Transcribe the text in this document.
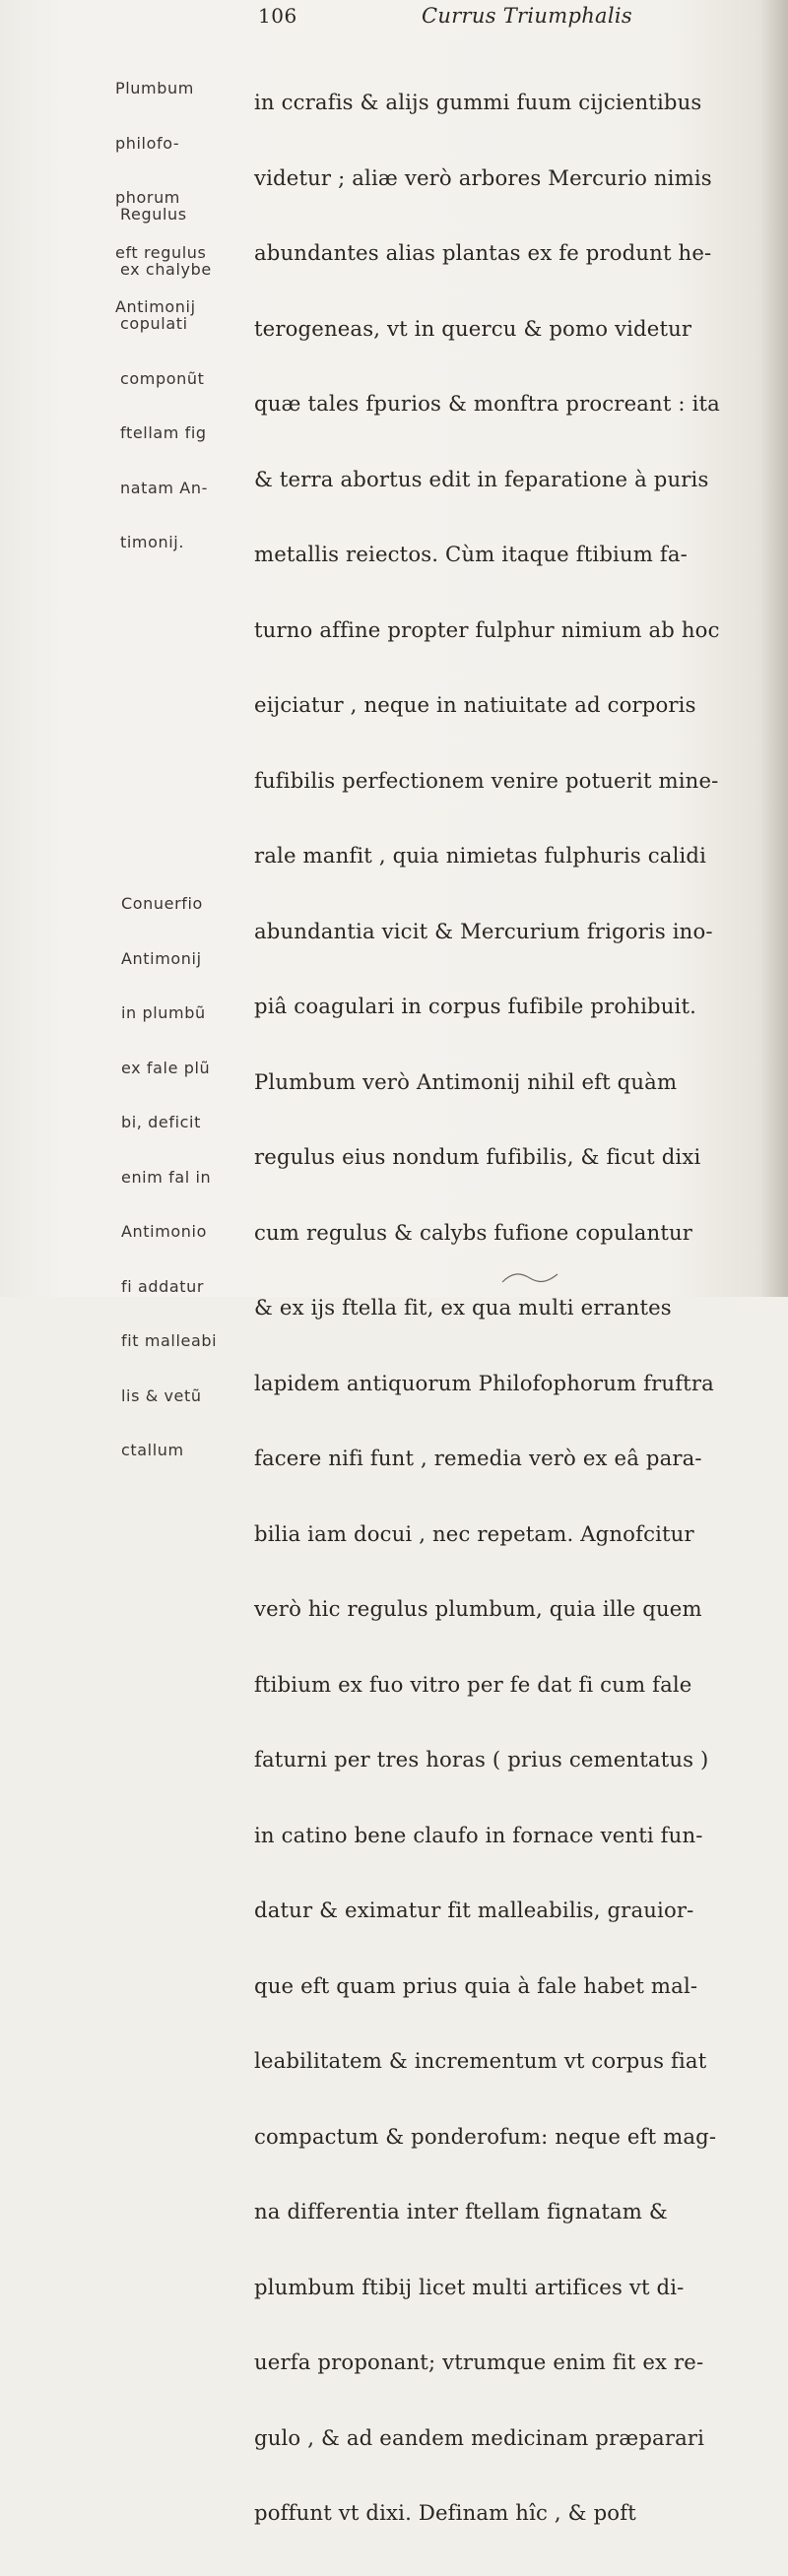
106	Currus Triumphalis

Plumbum

philofo-

phorum

eft regulus

Antimonij

Regulus

ex chalybe

copulati

componũt

ftellam fig

natam An-

timonij.

Conuerfio

Antimonij

in plumbũ

ex fale plũ

bi, deficit

enim fal in

Antimonio

fi addatur

fit malleabi

lis & vetũ

ctallum

in ccrafis & alijs gummi fuum cijcientibus

videtur ; aliæ verò arbores Mercurio nimis

abundantes alias plantas ex fe produnt he-

terogeneas, vt in quercu & pomo videtur

quæ tales fpurios & monftra procreant : ita

& terra abortus edit in feparatione à puris

metallis reiectos. Cùm itaque ftibium fa-

turno affine propter fulphur nimium ab hoc

eijciatur , neque in natiuitate ad corporis

fufibilis perfectionem venire potuerit mine-

rale manfit , quia nimietas fulphuris calidi

abundantia vicit & Mercurium frigoris ino-

piâ coagulari in corpus fufibile prohibuit.

Plumbum verò Antimonij nihil eft quàm

regulus eius nondum fufibilis, & ficut dixi

cum regulus & calybs fufione copulantur

& ex ijs ftella fit, ex qua multi errantes

lapidem antiquorum Philofophorum fruftra

facere nifi funt , remedia verò ex eâ para-

bilia iam docui , nec repetam. Agnofcitur

verò hic regulus plumbum, quia ille quem

ftibium ex fuo vitro per fe dat fi cum fale

faturni per tres horas ( prius cementatus )

in catino bene claufo in fornace venti fun-

datur & eximatur fit malleabilis, grauior-

que eft quam prius quia à fale habet mal-

leabilitatem & incrementum vt corpus fiat

compactum & ponderofum: neque eft mag-

na differentia inter ftellam fignatam &

plumbum ftibij licet multi artifices vt di-

uerfa proponant; vtrumque enim fit ex re-

gulo , & ad eandem medicinam præparari

poffunt vt dixi. Definam hîc , & poft
